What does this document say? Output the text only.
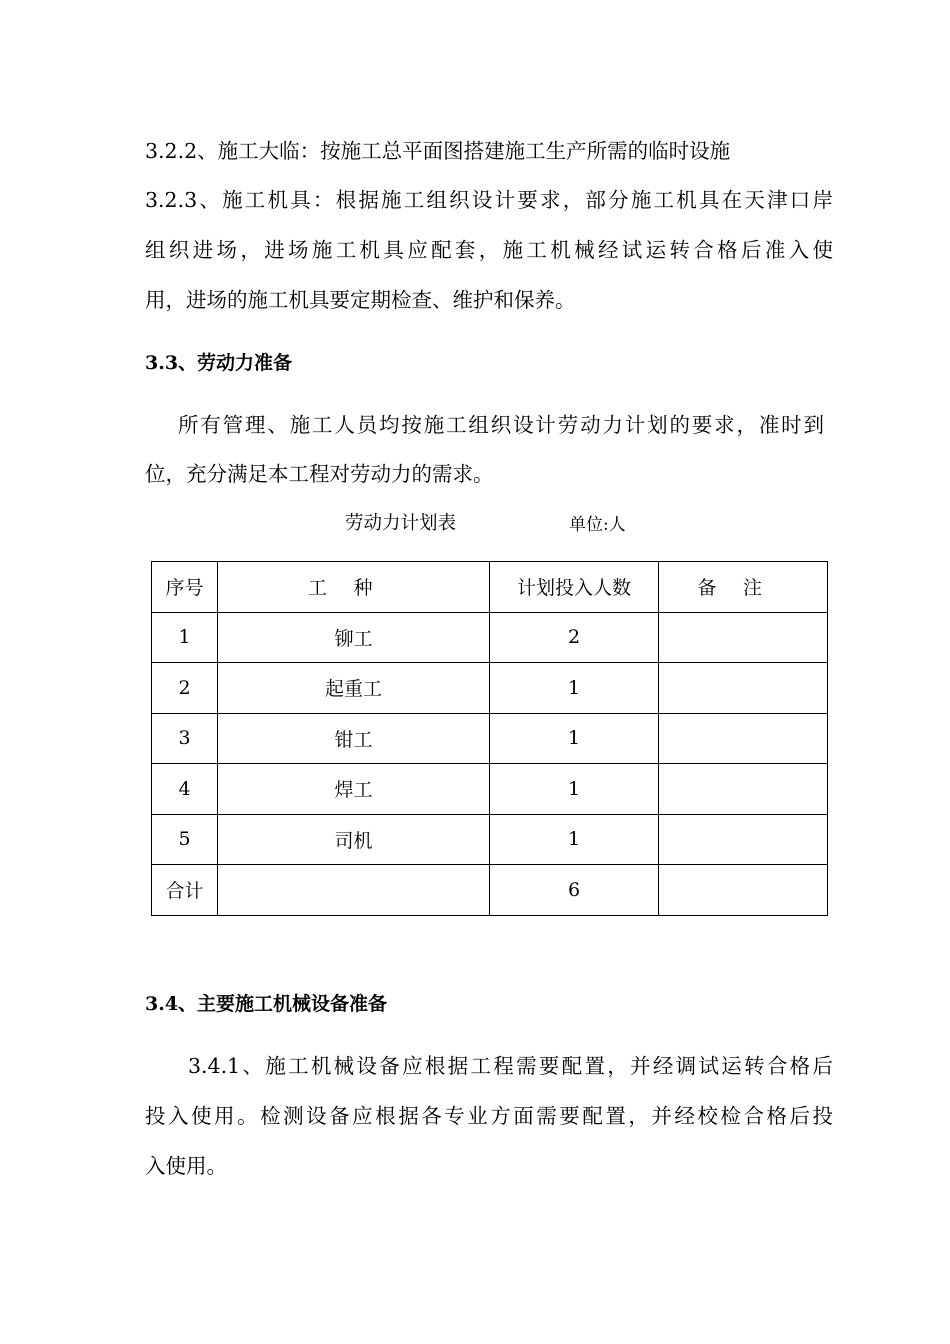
3.2.2、施工大临：按施工总平面图搭建施工生产所需的临时设施
3.2.3、施工机具：根据施工组织设计要求，部分施工机具在天津口岸
组织进场，进场施工机具应配套，施工机械经试运转合格后准入使
用，进场的施工机具要定期检查、维护和保养。
3.3、劳动力准备
所有管理、施工人员均按施工组织设计劳动力计划的要求，准时到
位，充分满足本工程对劳动力的需求。
劳动力计划表	单位:人
序号	工种	计划投入人数	备注
1	铆工	2	
2	起重工	1	
3	钳工	1	
4	焊工	1	
5	司机	1	
合计		6	
3.4、主要施工机械设备准备
3.4.1、施工机械设备应根据工程需要配置，并经调试运转合格后
投入使用。检测设备应根据各专业方面需要配置，并经校检合格后投
入使用。
